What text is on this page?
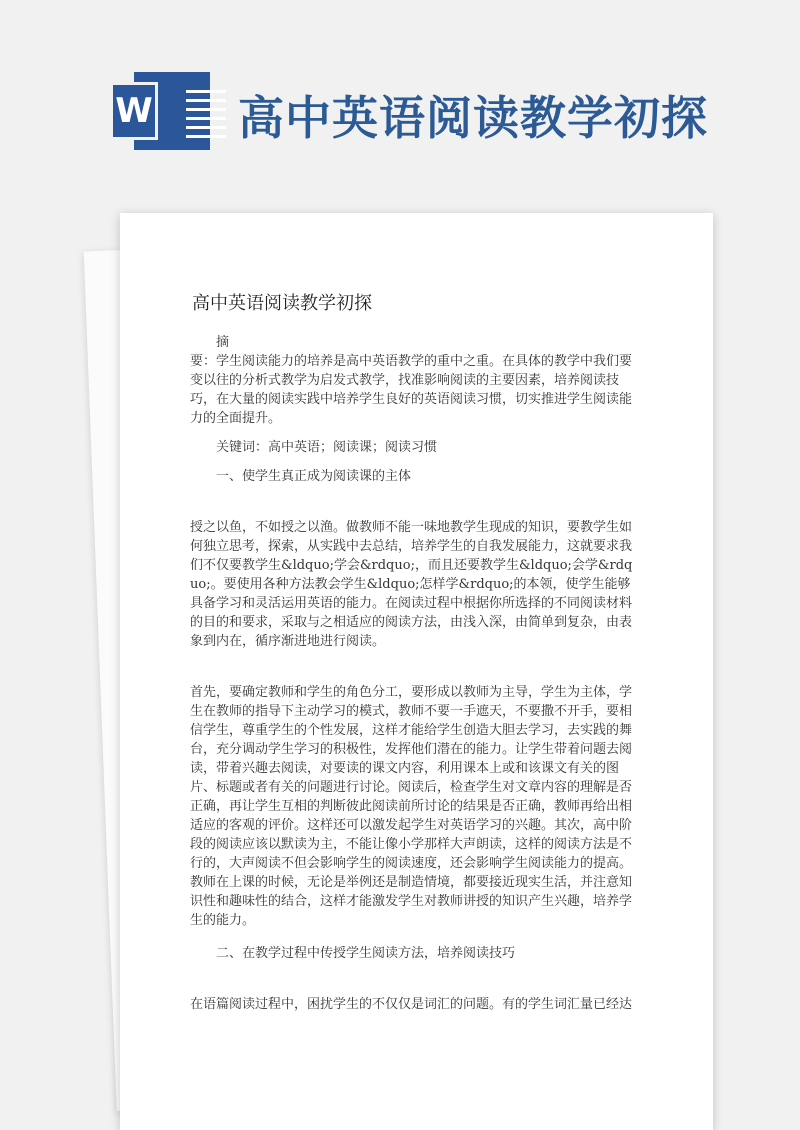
W 高中英语阅读教学初探
高中英语阅读教学初探

摘

要：学生阅读能力的培养是高中英语教学的重中之重。在具体的教学中我们要变以往的分析式教学为启发式教学，找准影响阅读的主要因素，培养阅读技巧，在大量的阅读实践中培养学生良好的英语阅读习惯，切实推进学生阅读能力的全面提升。

关键词：高中英语；阅读课；阅读习惯

一、使学生真正成为阅读课的主体

授之以鱼，不如授之以渔。做教师不能一味地教学生现成的知识，要教学生如何独立思考，探索，从实践中去总结，培养学生的自我发展能力，这就要求我们不仅要教学生&ldquo;学会&rdquo;，而且还要教学生&ldquo;会学&rdquo;。要使用各种方法教会学生&ldquo;怎样学&rdquo;的本领，使学生能够具备学习和灵活运用英语的能力。在阅读过程中根据你所选择的不同阅读材料的目的和要求，采取与之相适应的阅读方法，由浅入深，由简单到复杂，由表象到内在，循序渐进地进行阅读。

首先，要确定教师和学生的角色分工，要形成以教师为主导，学生为主体，学生在教师的指导下主动学习的模式，教师不要一手遮天，不要撒不开手，要相信学生，尊重学生的个性发展，这样才能给学生创造大胆去学习，去实践的舞台，充分调动学生学习的积极性，发挥他们潜在的能力。让学生带着问题去阅读，带着兴趣去阅读，对要读的课文内容，利用课本上或和该课文有关的图片、标题或者有关的问题进行讨论。阅读后，检查学生对文章内容的理解是否正确，再让学生互相的判断彼此阅读前所讨论的结果是否正确，教师再给出相适应的客观的评价。这样还可以激发起学生对英语学习的兴趣。其次，高中阶段的阅读应该以默读为主，不能让像小学那样大声朗读，这样的阅读方法是不行的，大声阅读不但会影响学生的阅读速度，还会影响学生阅读能力的提高。教师在上课的时候，无论是举例还是制造情境，都要接近现实生活，并注意知识性和趣味性的结合，这样才能激发学生对教师讲授的知识产生兴趣，培养学生的能力。

二、在教学过程中传授学生阅读方法，培养阅读技巧

在语篇阅读过程中，困扰学生的不仅仅是词汇的问题。有的学生词汇量已经达
